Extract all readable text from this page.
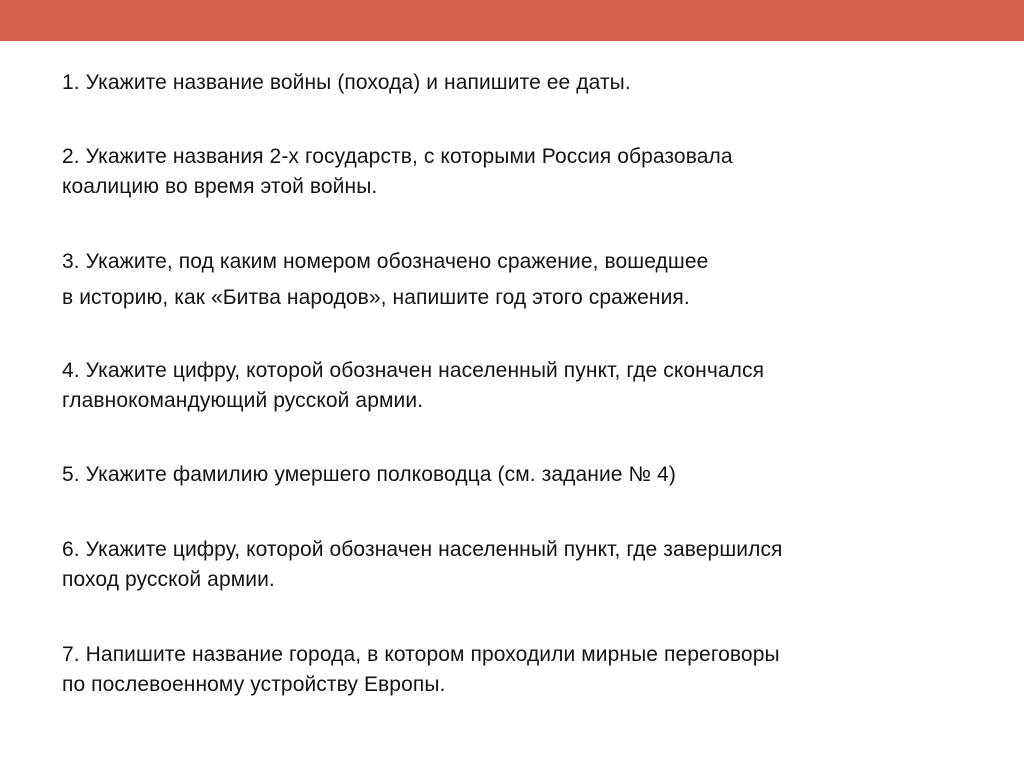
1. Укажите название войны (похода) и напишите ее даты.

2. Укажите названия 2-х государств, с которыми Россия образовала
коалицию во время этой войны.

3. Укажите, под каким номером обозначено сражение, вошедшее
в историю, как «Битва народов», напишите год этого сражения.

4. Укажите цифру, которой обозначен населенный пункт, где скончался
главнокомандующий русской армии.

5. Укажите фамилию умершего полководца (см. задание № 4)

6. Укажите цифру, которой обозначен населенный пункт, где завершился
поход русской армии.

7. Напишите название города, в котором проходили мирные переговоры
по послевоенному устройству Европы.
